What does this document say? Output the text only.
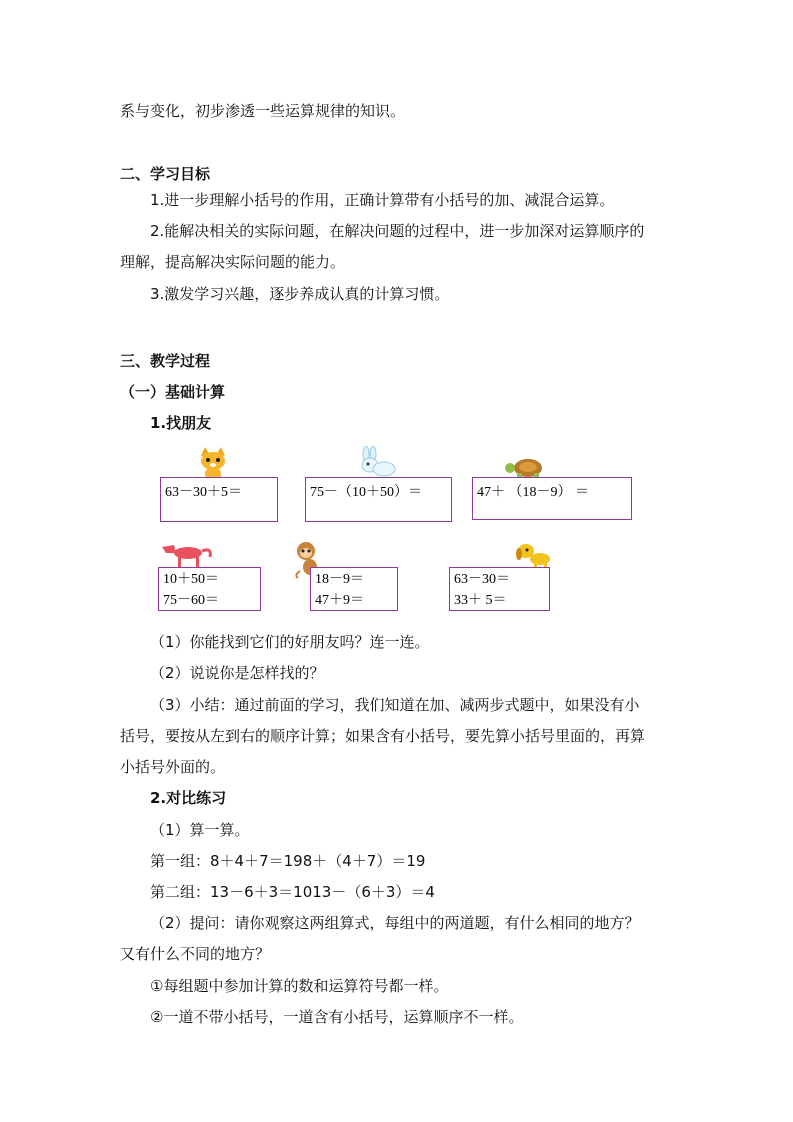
系与变化，初步渗透一些运算规律的知识。
二、学习目标
1.进一步理解小括号的作用，正确计算带有小括号的加、减混合运算。
2.能解决相关的实际问题，在解决问题的过程中，进一步加深对运算顺序的
理解，提高解决实际问题的能力。
3.激发学习兴趣，逐步养成认真的计算习惯。
三、教学过程
（一）基础计算
1.找朋友
63－30＋5＝	75－（10＋50）＝	47＋ （18－9） ＝
10＋50＝
75－60＝
18－9＝
47＋9＝
63－30＝
33＋ 5＝
（1）你能找到它们的好朋友吗？连一连。
（2）说说你是怎样找的？
（3）小结：通过前面的学习，我们知道在加、减两步式题中，如果没有小
括号，要按从左到右的顺序计算；如果含有小括号，要先算小括号里面的，再算
小括号外面的。
2.对比练习
（1）算一算。
第一组：8＋4＋7＝198＋（4＋7）＝19
第二组：13－6＋3＝1013－（6＋3）＝4
（2）提问：请你观察这两组算式，每组中的两道题，有什么相同的地方？
又有什么不同的地方？
①每组题中参加计算的数和运算符号都一样。
②一道不带小括号，一道含有小括号，运算顺序不一样。
